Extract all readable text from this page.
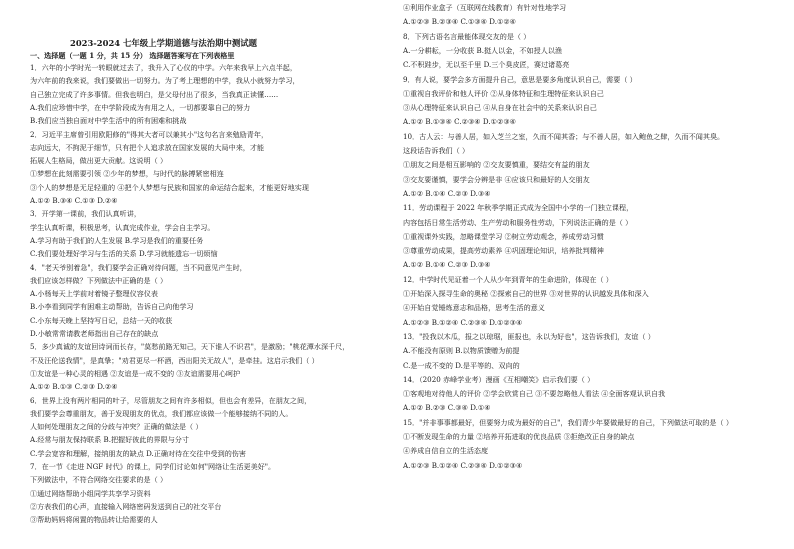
2023-2024 七年级上学期道德与法治期中测试题
一、选择题（一题 1 分，共 15 分） 选择题答案写在下列表格里
1．六年的小学时光一转眼就过去了，我升入了心仪的中学。六年来我早上六点半起，
为六年前的我来说，我们要做出一切努力。为了考上理想的中学，我从小就努力学习，
自己独立完成了许多事情。但我也明白，是父母付出了很多，当我真正读懂……
A.我们应珍惜中学，在中学阶段成为有用之人，一切都要靠自己的努力
B.我们应当独自面对中学生活中的所有困难和挑战
2．习近平主席曾引用欧阳修的"得其大者可以兼其小"这句名言来勉励青年，
志向远大，不拘泥于细节，只有把个人追求放在国家发展的大局中来，才能
拓展人生格局，做出更大贡献。这说明（ ）
①梦想在此刻需要引领 ②少年的梦想，与时代的脉搏紧密相连
③个人的梦想是无足轻重的 ④把个人梦想与民族和国家的命运结合起来，才能更好地实现
A.①② B.③④ C.①③ D.②④
3．开学第一课前，我们认真听讲，
学生认真听课，积极思考，认真完成作业，学会自主学习。
A.学习有助于我们的人生发展 B.学习是我们的重要任务
C.我们要处理好学习与生活的关系 D.学习就能遗忘一切烦恼
4．"老天爷别着急"，我们要学会正确对待问题，当不同意见产生时，
我们应该怎样做？下列做法中正确的是（ ）
A.小杨每天上学前对着镜子整理仪容仪表
B.小李看到同学有困难主动帮助，告诉自己向他学习
C.小东每天晚上坚持写日记，总结一天的收获
D.小敏常常请教老师指出自己存在的缺点
5．多少真诚的友谊回诗词而长存，"莫愁前路无知己，天下谁人不识君"，是激励；"桃花潭水深千尺，
不及汪伦送我情"，是真挚；"劝君更尽一杯酒，西出阳关无故人"，是牵挂。这启示我们（ ）
①友谊是一种心灵的相遇 ②友谊是一成不变的 ③友谊需要用心呵护
A.①② B.①③ C.②③ D.②④
6．世界上没有两片相同的叶子，尽管朋友之间有许多相似，但也会有差异，在朋友之间，
我们要学会尊重朋友，善于发现朋友的优点，我们都应该做一个能够接纳不同的人。
人如何处理朋友之间的分歧与冲突？正确的做法是（ ）
A.经常与朋友保持联系 B.把握好彼此的界限与分寸
C.学会宽容和理解，接纳朋友的缺点 D.正确对待在交往中受到的伤害
7．在一节《走进 NGF 时代》的课上，同学们讨论如何"网络让生活更美好"。
下列做法中，不符合网络交往要求的是（ ）
①通过网络帮助小组同学共享学习资料
②方表我们的心声，直接输入网络密码发送到自己的社交平台
③帮助妈妈将闲置的物品转让给需要的人
④利用作业盒子（互联网在线教育）有针对性地学习
A.①②③ B.②③④ C.①③④ D.①②④
8．下列古语名言最能体现交友的是（ ）
A.一分耕耘，一分收获 B.挺人以金，不如授人以渔
C.不积跬步，无以至千里 D.三个臭皮匠，赛过诸葛亮
9．有人说，要学会多方面提升自己，意思是要多角度认识自己，需要（ ）
①重视自我评价和他人评价 ②从身体特征和生理特征来认识自己
③从心理特征来认识自己 ④从自身在社会中的关系来认识自己
A.①② B.①③④ C.②③④ D.①②③④
10．古人云：与善人居，如入芝兰之室，久而不闻其香；与不善人居，如入鲍鱼之肆，久而不闻其臭。
这段话告诉我们（ ）
①朋友之间是相互影响的 ②交友要慎重，要结交有益的朋友
③交友要谨慎，要学会分辨是非 ④应该只和最好的人交朋友
A.①② B.①④ C.②③ D.③④
11．劳动课程于 2022 年秋季学期正式成为全国中小学的一门独立课程，
内容包括日常生活劳动、生产劳动和服务性劳动，下列说法正确的是（ ）
①重视课外实践，忽略课堂学习 ②树立劳动观念，养成劳动习惯
③尊重劳动成果，提高劳动素养 ④巩固理论知识，培养批判精神
A.①② B.①④ C.②③ D.③④
12．中学时代见证着一个人从少年到青年的生命进阶，体现在（ ）
①开始深入探寻生命的奥秘 ②探索自己的世界 ③对世界的认识越发具体和深入
④开始自觉锤炼意志和品格，思考生活的意义
A.①②③ B.①②④ C.②③④ D.①②③④
13．"投我以木瓜，报之以琼琚，匪报也，永以为好也"，这告诉我们，友谊（ ）
A.不能没有原则 B.以物质馈赠为前提
C.是一成不变的 D.是平等的、双向的
14．（2020 赤峰学业考）漫画《互相嘲笑》启示我们要（ ）
①客观地对待他人的评价 ②学会欣赏自己 ③不要忽略他人看法 ④全面客观认识自我
A.①② B.②③ C.③④ D.①④
15．"并非事事都最好，但要努力成为最好的自己"，我们青少年要做最好的自己，下列做法可取的是（ ）
①不断发现生命的力量 ②培养开拓进取的优良品质 ③拒绝改正自身的缺点
④养成自信自立的生活态度
A.①②③ B.①②④ C.②③④ D.①②③④
